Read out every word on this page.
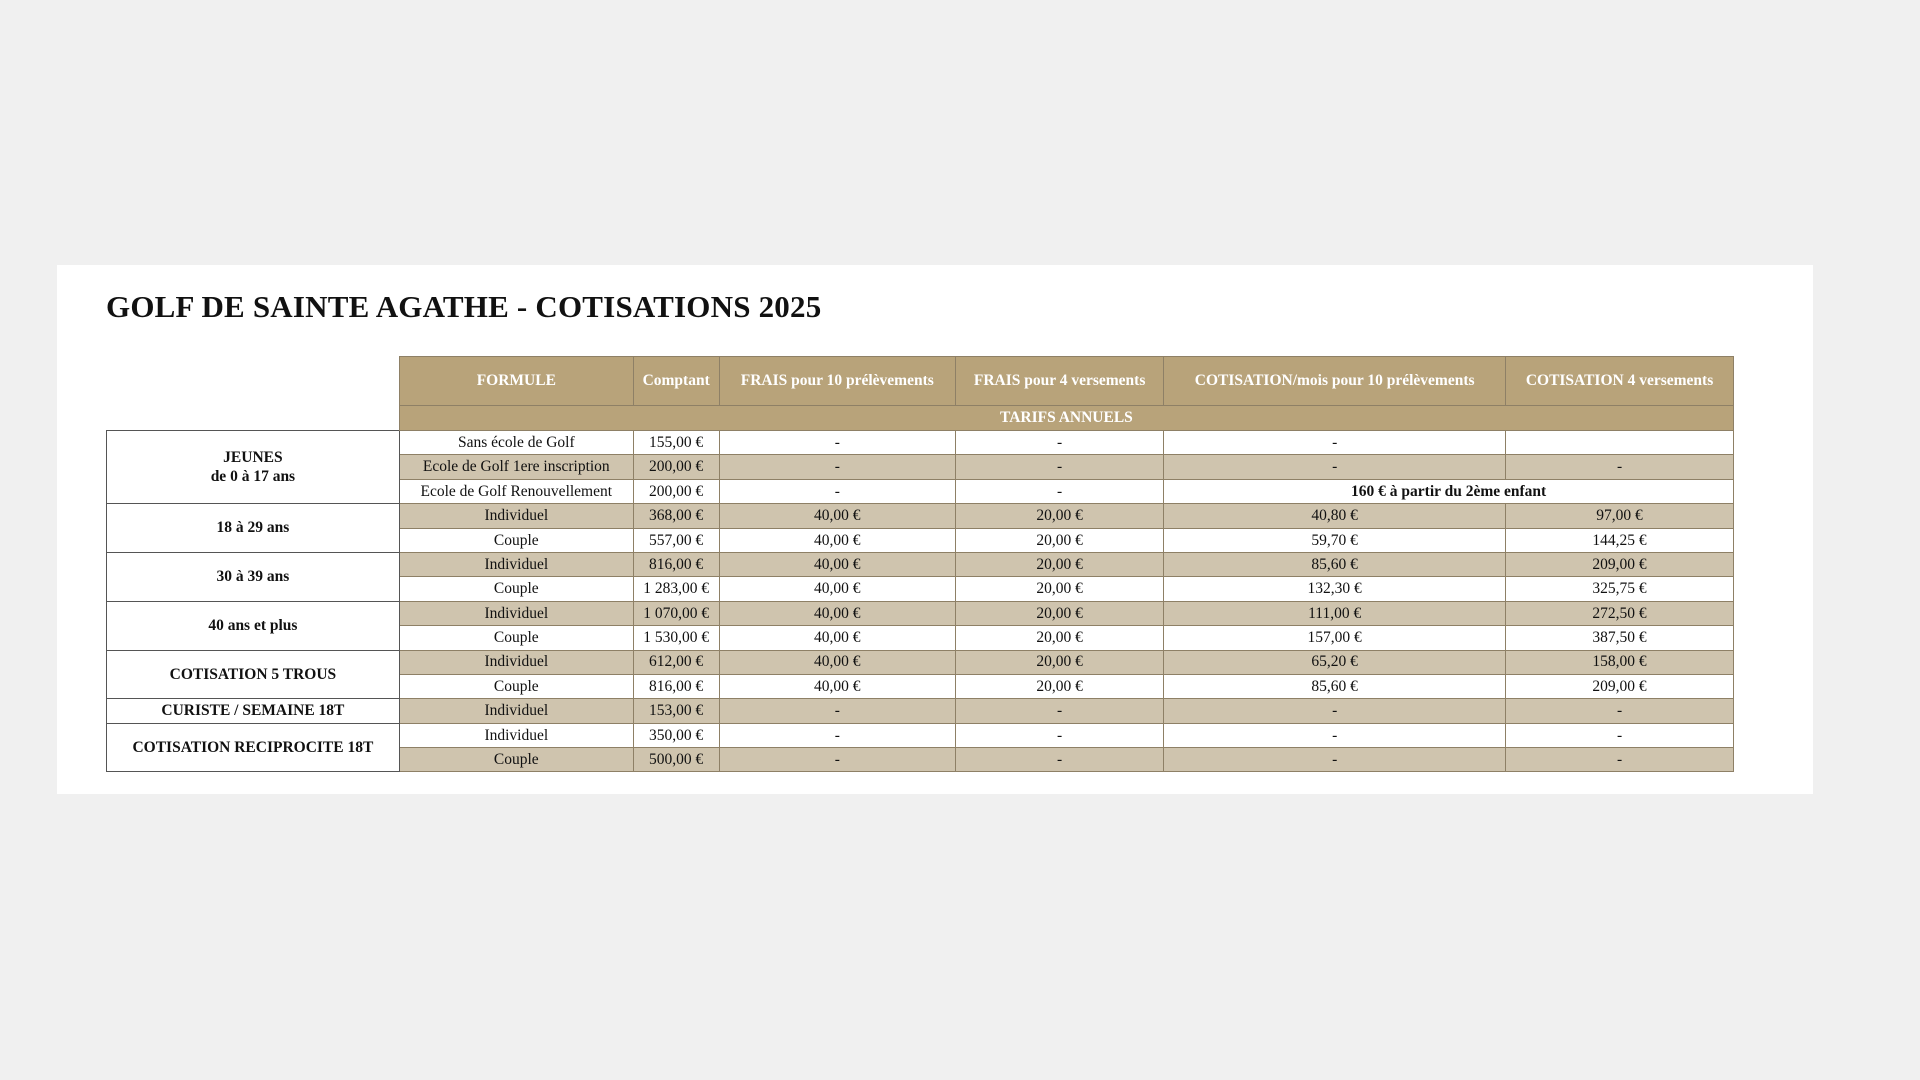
GOLF DE SAINTE AGATHE - COTISATIONS 2025
	FORMULE	Comptant	FRAIS pour 10 prélèvements	FRAIS pour 4 versements	COTISATION/mois pour 10 prélèvements	COTISATION 4 versements
	TARIFS ANNUELS					

JEUNES
de 0 à 17 ans	Sans école de Golf	155,00 €	-	-	-	
	Ecole de Golf 1ere inscription	200,00 €	-	-	-	-
	Ecole de Golf Renouvellement	200,00 €	-	-	160 € à partir du 2ème enfant	
18 à 29 ans	Individuel	368,00 €	40,00 €	20,00 €	40,80 €	97,00 €
	Couple	557,00 €	40,00 €	20,00 €	59,70 €	144,25 €
30 à 39 ans	Individuel	816,00 €	40,00 €	20,00 €	85,60 €	209,00 €
	Couple	1 283,00 €	40,00 €	20,00 €	132,30 €	325,75 €
40 ans et plus	Individuel	1 070,00 €	40,00 €	20,00 €	111,00 €	272,50 €
	Couple	1 530,00 €	40,00 €	20,00 €	157,00 €	387,50 €
COTISATION 5 TROUS	Individuel	612,00 €	40,00 €	20,00 €	65,20 €	158,00 €
	Couple	816,00 €	40,00 €	20,00 €	85,60 €	209,00 €
CURISTE / SEMAINE 18T	Individuel	153,00 €	-	-	-	-
COTISATION RECIPROCITE 18T	Individuel	350,00 €	-	-	-	-
	Couple	500,00 €	-	-	-	-
